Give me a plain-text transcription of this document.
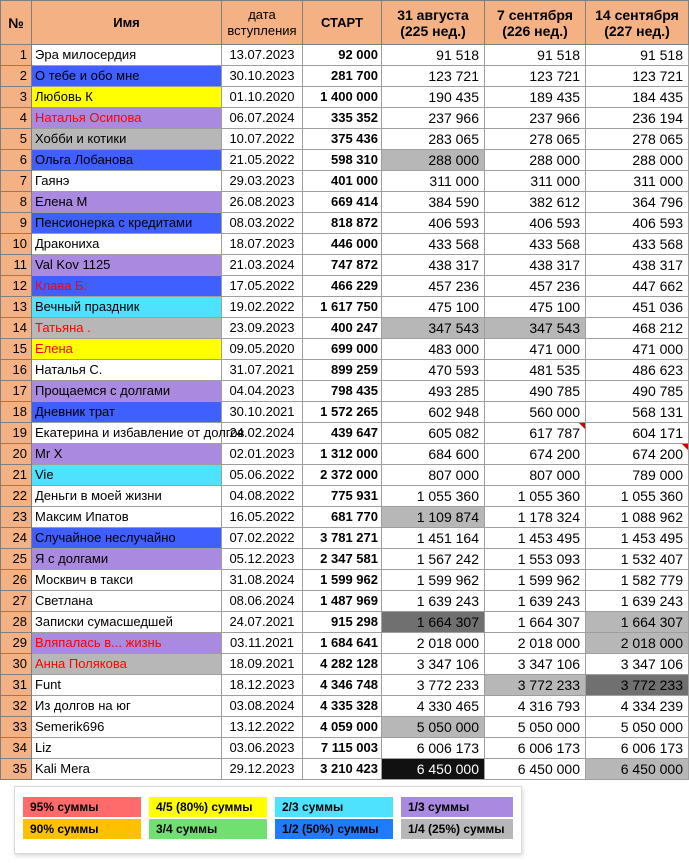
№	Имя	дата вступления	СТАРТ	31 августа (225 нед.)	7 сентября (226 нед.)	14 сентября (227 нед.)
1	Эра милосердия	13.07.2023	92 000	91 518	91 518	91 518
2	О тебе и обо мне	30.10.2023	281 700	123 721	123 721	123 721
3	Любовь К	01.10.2020	1 400 000	190 435	189 435	184 435
4	Наталья Осипова	06.07.2024	335 352	237 966	237 966	236 194
5	Хобби и котики	10.07.2022	375 436	283 065	278 065	278 065
6	Ольга Лобанова	21.05.2022	598 310	288 000	288 000	288 000
7	Гаянэ	29.03.2023	401 000	311 000	311 000	311 000
8	Елена М	26.08.2023	669 414	384 590	382 612	364 796
9	Пенсионерка с кредитами	08.03.2022	818 872	406 593	406 593	406 593
10	Дракониха	18.07.2023	446 000	433 568	433 568	433 568
11	Val Kov 1125	21.03.2024	747 872	438 317	438 317	438 317
12	Клава Б.	17.05.2022	466 229	457 236	457 236	447 662
13	Вечный праздник	19.02.2022	1 617 750	475 100	475 100	451 036
14	Татьяна .	23.09.2023	400 247	347 543	347 543	468 212
15	Елена	09.05.2020	699 000	483 000	471 000	471 000
16	Наталья С.	31.07.2021	899 259	470 593	481 535	486 623
17	Прощаемся с долгами	04.04.2023	798 435	493 285	490 785	490 785
18	Дневник трат	30.10.2021	1 572 265	602 948	560 000	568 131
19	Екатерина и избавление от долгов	24.02.2024	439 647	605 082	617 787	604 171
20	Mr X	02.01.2023	1 312 000	684 600	674 200	674 200
21	Vie	05.06.2022	2 372 000	807 000	807 000	789 000
22	Деньги в моей жизни	04.08.2022	775 931	1 055 360	1 055 360	1 055 360
23	Максим Ипатов	16.05.2022	681 770	1 109 874	1 178 324	1 088 962
24	Случайное неслучайно	07.02.2022	3 781 271	1 451 164	1 453 495	1 453 495
25	Я с долгами	05.12.2023	2 347 581	1 567 242	1 553 093	1 532 407
26	Москвич в такси	31.08.2024	1 599 962	1 599 962	1 599 962	1 582 779
27	Светлана	08.06.2024	1 487 969	1 639 243	1 639 243	1 639 243
28	Записки сумасшедшей	24.07.2021	915 298	1 664 307	1 664 307	1 664 307
29	Вляпалась в... жизнь	03.11.2021	1 684 641	2 018 000	2 018 000	2 018 000
30	Анна Полякова	18.09.2021	4 282 128	3 347 106	3 347 106	3 347 106
31	Funt	18.12.2023	4 346 748	3 772 233	3 772 233	3 772 233
32	Из долгов на юг	03.08.2024	4 335 328	4 330 465	4 316 793	4 334 239
33	Semerik696	13.12.2022	4 059 000	5 050 000	5 050 000	5 050 000
34	Liz	03.06.2023	7 115 003	6 006 173	6 006 173	6 006 173
35	Kali Mera	29.12.2023	3 210 423	6 450 000	6 450 000	6 450 000
95% суммы	4/5 (80%) суммы	2/3 суммы	1/3 суммы
90% суммы	3/4 суммы	1/2 (50%) суммы	1/4 (25%) суммы
